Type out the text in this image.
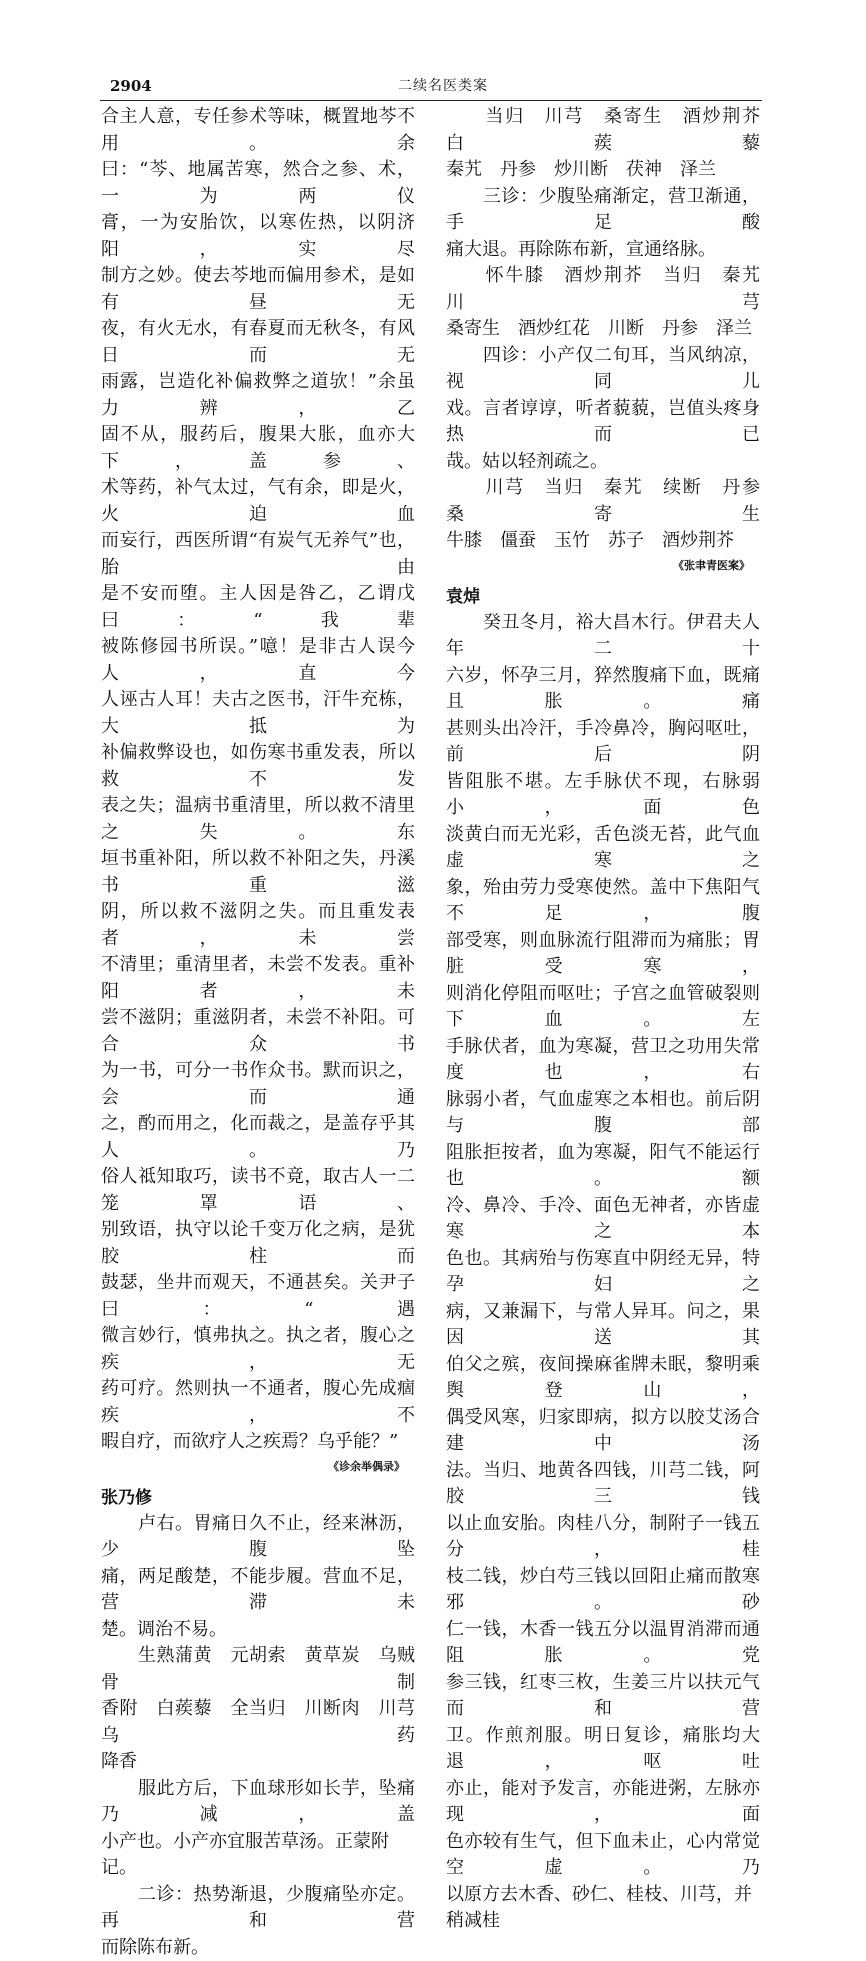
2904	二续名医类案
合主人意，专任参术等味，概置地芩不用。余
曰：“芩、地属苦寒，然合之参、术，一为两仪
膏，一为安胎饮，以寒佐热，以阴济阳，实尽
制方之妙。使去芩地而偏用参术，是如有昼无
夜，有火无水，有春夏而无秋冬，有风日而无
雨露，岂造化补偏救弊之道欤！”余虽力辨，乙
固不从，服药后，腹果大胀，血亦大下，盖参、
术等药，补气太过，气有余，即是火，火迫血
而妄行，西医所谓“有炭气无养气”也，胎由
是不安而堕。主人因是咎乙，乙谓戊曰：“我辈
被陈修园书所误。”噫！是非古人误今人，直今
人诬古人耳！夫古之医书，汗牛充栋，大抵为
补偏救弊设也，如伤寒书重发表，所以救不发
表之失；温病书重清里，所以救不清里之失。东
垣书重补阳，所以救不补阳之失，丹溪书重滋
阴，所以救不滋阴之失。而且重发表者，未尝
不清里；重清里者，未尝不发表。重补阳者，未
尝不滋阴；重滋阴者，未尝不补阳。可合众书
为一书，可分一书作众书。默而识之，会而通
之，酌而用之，化而裁之，是盖存乎其人。乃
俗人祗知取巧，读书不竟，取古人一二笼罩语、
别致语，执守以论千变万化之病，是犹胶柱而
鼓瑟，坐井而观天，不通甚矣。关尹子曰：“遇
微言妙行，慎弗执之。执之者，腹心之疾，无
药可疗。然则执一不通者，腹心先成痼疾，不
暇自疗，而欲疗人之疾焉？乌乎能？”
《诊余举偶录》
张乃修
　　卢右。胃痛日久不止，经来淋沥，少腹坠
痛，两足酸楚，不能步履。营血不足，营滞未
楚。调治不易。
　　生熟蒲黄　元胡索　黄草炭　乌贼骨　制
香附　白蒺藜　全当归　川断肉　川芎　乌药
降香
　　服此方后，下血球形如长芋，坠痛乃减，盖
小产也。小产亦宜服苦草汤。正蒙附记。
　　二诊：热势渐退，少腹痛坠亦定。再和营
而除陈布新。
　　当归　川芎　桑寄生　酒炒荆芥　白蒺藜
秦艽　丹参　炒川断　茯神　泽兰
　　三诊：少腹坠痛渐定，营卫渐通，手足酸
痛大退。再除陈布新，宣通络脉。
　　怀牛膝　酒炒荆芥　当归　秦艽　川芎
桑寄生　酒炒红花　川断　丹参　泽兰
　　四诊：小产仅二旬耳，当风纳凉，视同儿
戏。言者谆谆，听者藐藐，岂值头疼身热而已
哉。姑以轻剂疏之。
　　川芎　当归　秦艽　续断　丹参　桑寄生
牛膝　僵蚕　玉竹　苏子　酒炒荆芥
《张聿青医案》
袁焯
　　癸丑冬月，裕大昌木行。伊君夫人年二十
六岁，怀孕三月，猝然腹痛下血，既痛且胀。痛
甚则头出冷汗，手冷鼻冷，胸闷呕吐，前后阴
皆阻胀不堪。左手脉伏不现，右脉弱小，面色
淡黄白而无光彩，舌色淡无苔，此气血虚寒之
象，殆由劳力受寒使然。盖中下焦阳气不足，腹
部受寒，则血脉流行阻滞而为痛胀；胃脏受寒，
则消化停阻而呕吐；子宫之血管破裂则下血。左
手脉伏者，血为寒凝，营卫之功用失常度也，右
脉弱小者，气血虚寒之本相也。前后阴与腹部
阻胀拒按者，血为寒凝，阳气不能运行也。额
冷、鼻冷、手冷、面色无神者，亦皆虚寒之本
色也。其病殆与伤寒直中阴经无异，特孕妇之
病，又兼漏下，与常人异耳。问之，果因送其
伯父之殡，夜间操麻雀牌未眠，黎明乘舆登山，
偶受风寒，归家即病，拟方以胶艾汤合建中汤
法。当归、地黄各四钱，川芎二钱，阿胶三钱
以止血安胎。肉桂八分，制附子一钱五分，桂
枝二钱，炒白芍三钱以回阳止痛而散寒邪。砂
仁一钱，木香一钱五分以温胃消滞而通阻胀。党
参三钱，红枣三枚，生姜三片以扶元气而和营
卫。作煎剂服。明日复诊，痛胀均大退，呕吐
亦止，能对予发言，亦能进粥，左脉亦现，面
色亦较有生气，但下血未止，心内常觉空虚。乃
以原方去木香、砂仁、桂枝、川芎，并稍减桂
